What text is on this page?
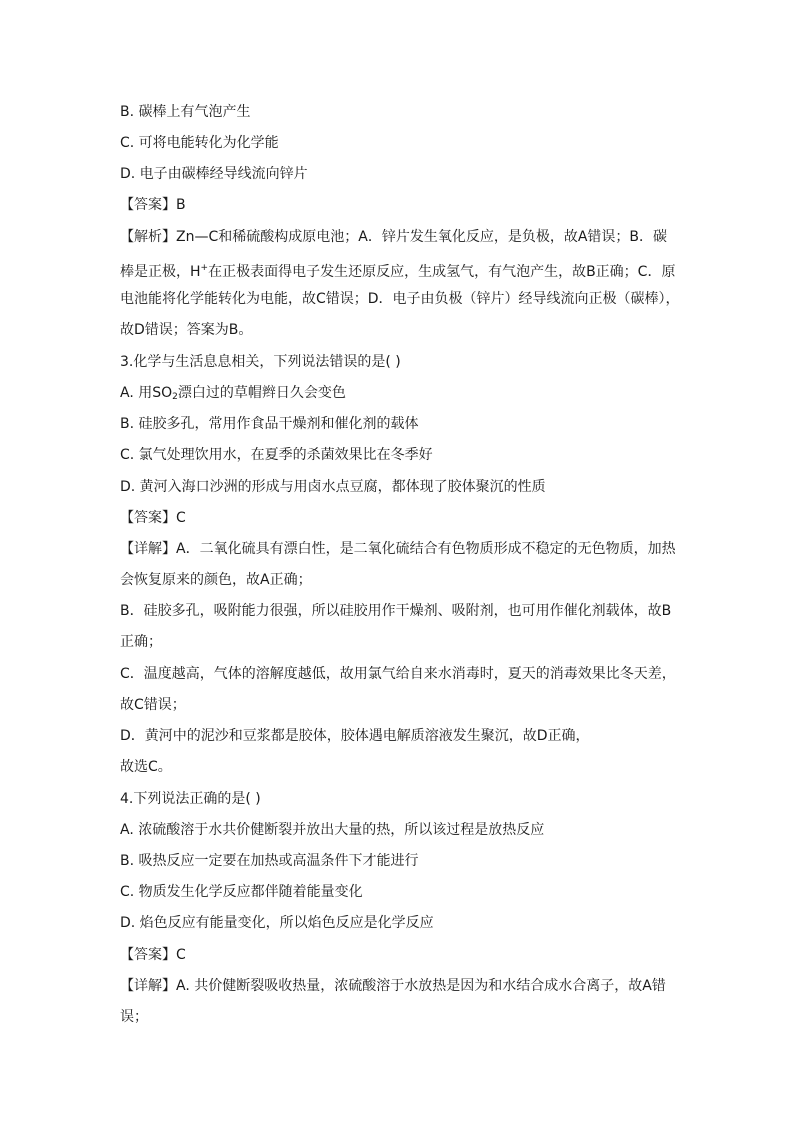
B. 碳棒上有气泡产生
C. 可将电能转化为化学能
D. 电子由碳棒经导线流向锌片
【答案】B
【解析】Zn—C和稀硫酸构成原电池；A．锌片发生氧化反应，是负极，故A错误；B．碳
棒是正极，H+在正极表面得电子发生还原反应，生成氢气，有气泡产生，故B正确；C．原
电池能将化学能转化为电能，故C错误；D．电子由负极（锌片）经导线流向正极（碳棒），
故D错误；答案为B。
3.化学与生活息息相关，下列说法错误的是( )
A. 用$SO_2$漂白过的草帽辫日久会变色
B. 硅胶多孔，常用作食品干燥剂和催化剂的载体
C. 氯气处理饮用水，在夏季的杀菌效果比在冬季好
D. 黄河入海口沙洲的形成与用卤水点豆腐，都体现了胶体聚沉的性质
【答案】C
【详解】A．二氧化硫具有漂白性，是二氧化硫结合有色物质形成不稳定的无色物质，加热
会恢复原来的颜色，故A正确；
B．硅胶多孔，吸附能力很强，所以硅胶用作干燥剂、吸附剂，也可用作催化剂载体，故B
正确；
C．温度越高，气体的溶解度越低，故用氯气给自来水消毒时，夏天的消毒效果比冬天差，
故C错误；
D．黄河中的泥沙和豆浆都是胶体，胶体遇电解质溶液发生聚沉，故D正确，
故选C。
4.下列说法正确的是( )
A. 浓硫酸溶于水共价健断裂并放出大量的热，所以该过程是放热反应
B. 吸热反应一定要在加热或高温条件下才能进行
C. 物质发生化学反应都伴随着能量变化
D. 焰色反应有能量变化，所以焰色反应是化学反应
【答案】C
【详解】A. 共价健断裂吸收热量，浓硫酸溶于水放热是因为和水结合成水合离子，故A错
误；
